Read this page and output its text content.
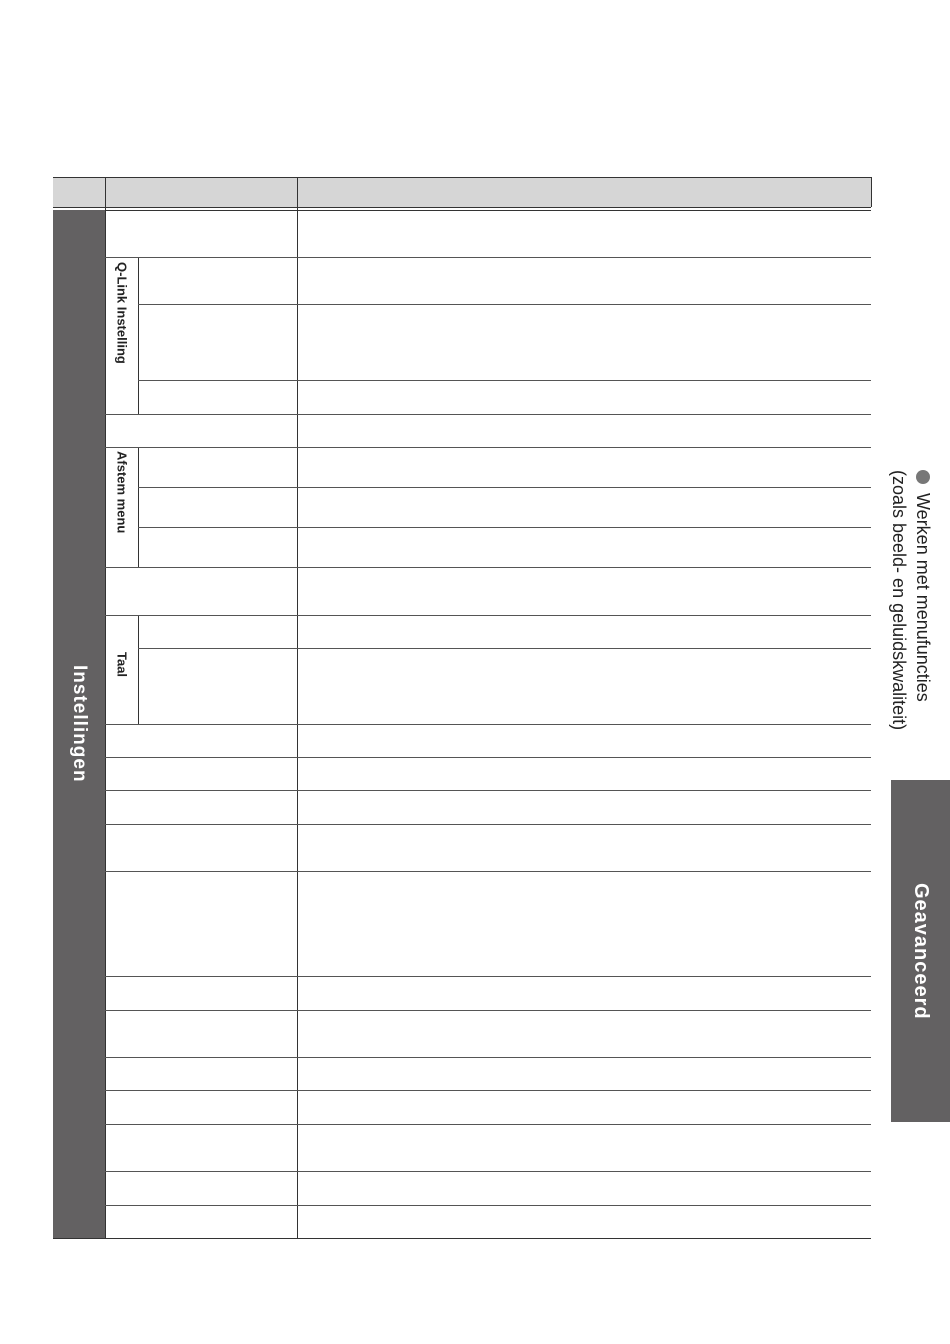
Instellingen
Q-Link Instelling
Afstem menu
Taal	Werken met menufuncties
(zoals beeld- en geluidskwaliteit)
Geavanceerd
